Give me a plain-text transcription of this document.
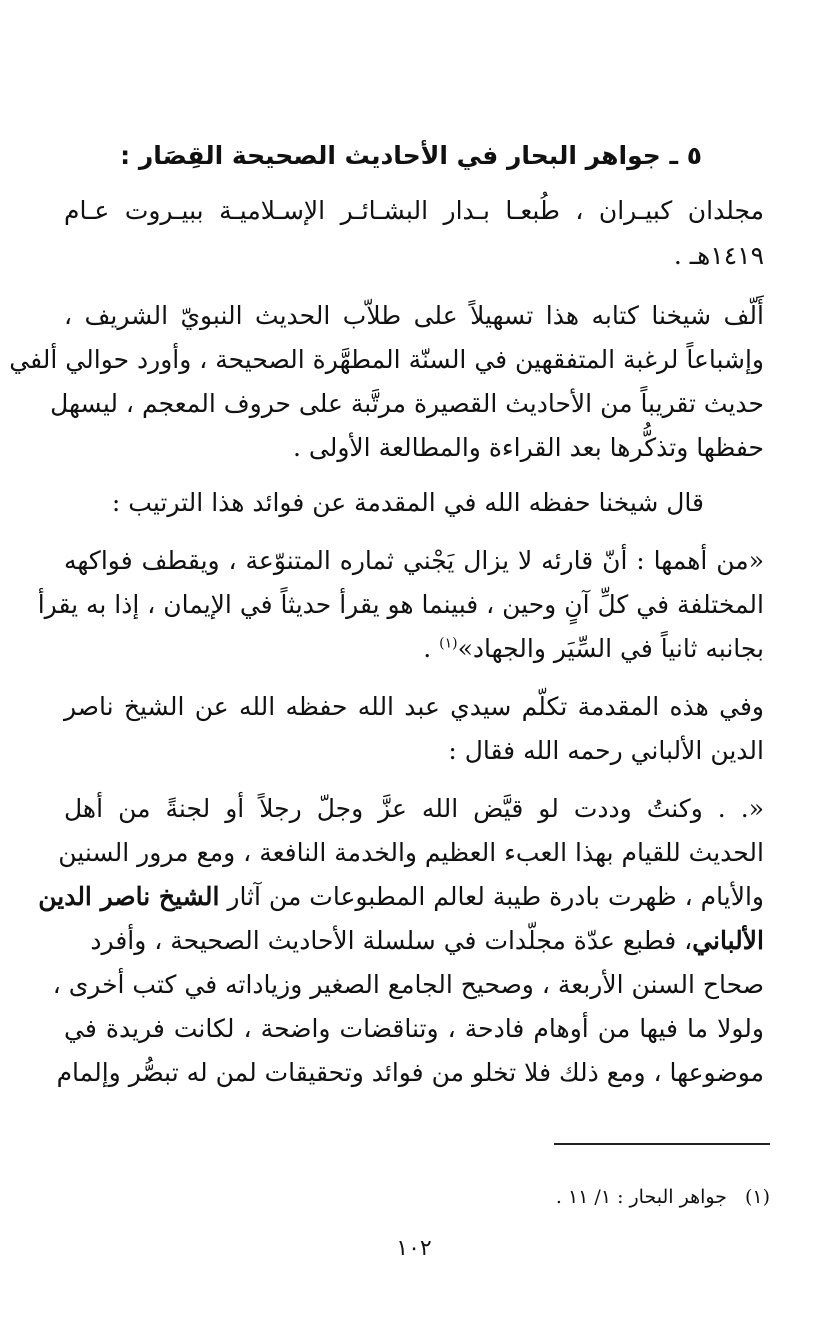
٥ ـ جواهر البحار في الأحاديث الصحيحة القِصَار :
مجلدان كبيـران ، طُبعـا بـدار البشـائـر الإسـلاميـة ببيـروت عـام
١٤١٩هـ .
أَلّف شيخنا كتابه هذا تسهيلاً على طلاّب الحديث النبويّ الشريف ،
وإشباعاً لرغبة المتفقهين في السنّة المطهَّرة الصحيحة ، وأورد حوالي ألفي
حديث تقريباً من الأحاديث القصيرة مرتَّبة على حروف المعجم ، ليسهل
حفظها وتذكُّرها بعد القراءة والمطالعة الأولى .
قال شيخنا حفظه الله في المقدمة عن فوائد هذا الترتيب :
«من أهمها : أنّ قارئه لا يزال يَجْني ثماره المتنوّعة ، ويقطف فواكهه
المختلفة في كلِّ آنٍ وحين ، فبينما هو يقرأ حديثاً في الإيمان ، إذا به يقرأ
بجانبه ثانياً في السِّيَر والجهاد»$^{(١)}$ .
وفي هذه المقدمة تكلّم سيدي عبد الله حفظه الله عن الشيخ ناصر
الدين الألباني رحمه الله فقال :
«. . وكنتُ وددت لو قيَّض الله عزَّ وجلّ رجلاً أو لجنةً من أهل
الحديث للقيام بهذا العبء العظيم والخدمة النافعة ، ومع مرور السنين
والأيام ، ظهرت بادرة طيبة لعالم المطبوعات من آثار الشيخ ناصر الدين
الألباني، فطبع عدّة مجلّدات في سلسلة الأحاديث الصحيحة ، وأفرد
صحاح السنن الأربعة ، وصحيح الجامع الصغير وزياداته في كتب أخرى ،
ولولا ما فيها من أوهام فادحة ، وتناقضات واضحة ، لكانت فريدة في
موضوعها ، ومع ذلك فلا تخلو من فوائد وتحقيقات لمن له تبصُّر وإلمام
(١)جواهر البحار : ١/ ١١ .
١٠٢
